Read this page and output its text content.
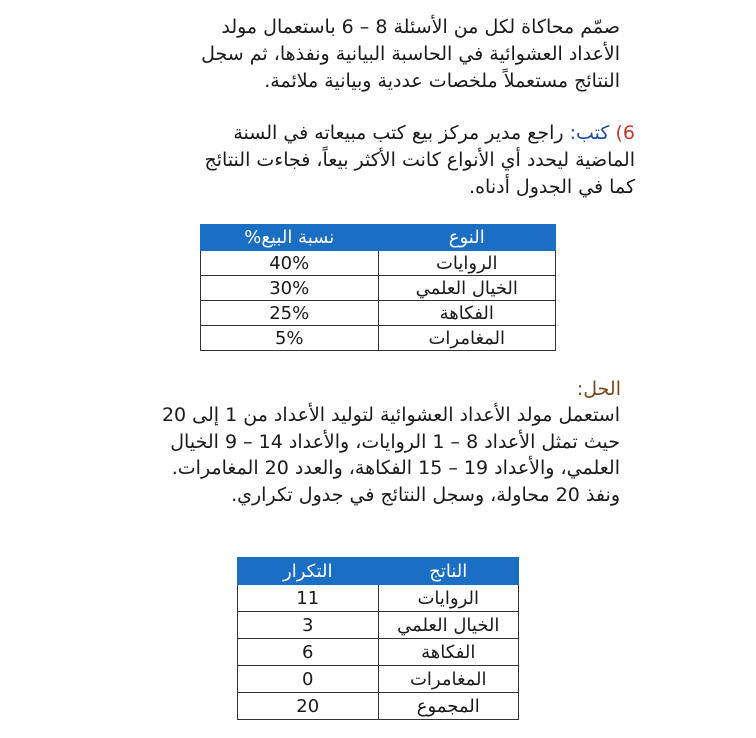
صمّم محاكاة لكل من الأسئلة 8 – 6 باستعمال مولد الأعداد العشوائية في الحاسبة البيانية ونفذها، ثم سجل النتائج مستعملاً ملخصات عددية وبيانية ملائمة.
6) كتب: راجع مدير مركز بيع كتب مبيعاته في السنة الماضية ليحدد أي الأنواع كانت الأكثر بيعاً، فجاءت النتائج كما في الجدول أدناه.
النوع	نسبة البيع%
الروايات	40%
الخيال العلمي	30%
الفكاهة	25%
المغامرات	5%
الحل:
استعمل مولد الأعداد العشوائية لتوليد الأعداد من 1 إلى 20 حيث تمثل الأعداد 8 – 1 الروايات، والأعداد 14 – 9 الخيال العلمي، والأعداد 19 – 15 الفكاهة، والعدد 20 المغامرات. ونفذ 20 محاولة، وسجل النتائج في جدول تكراري.
الناتج	التكرار
الروايات	11
الخيال العلمي	3
الفكاهة	6
المغامرات	0
المجموع	20
